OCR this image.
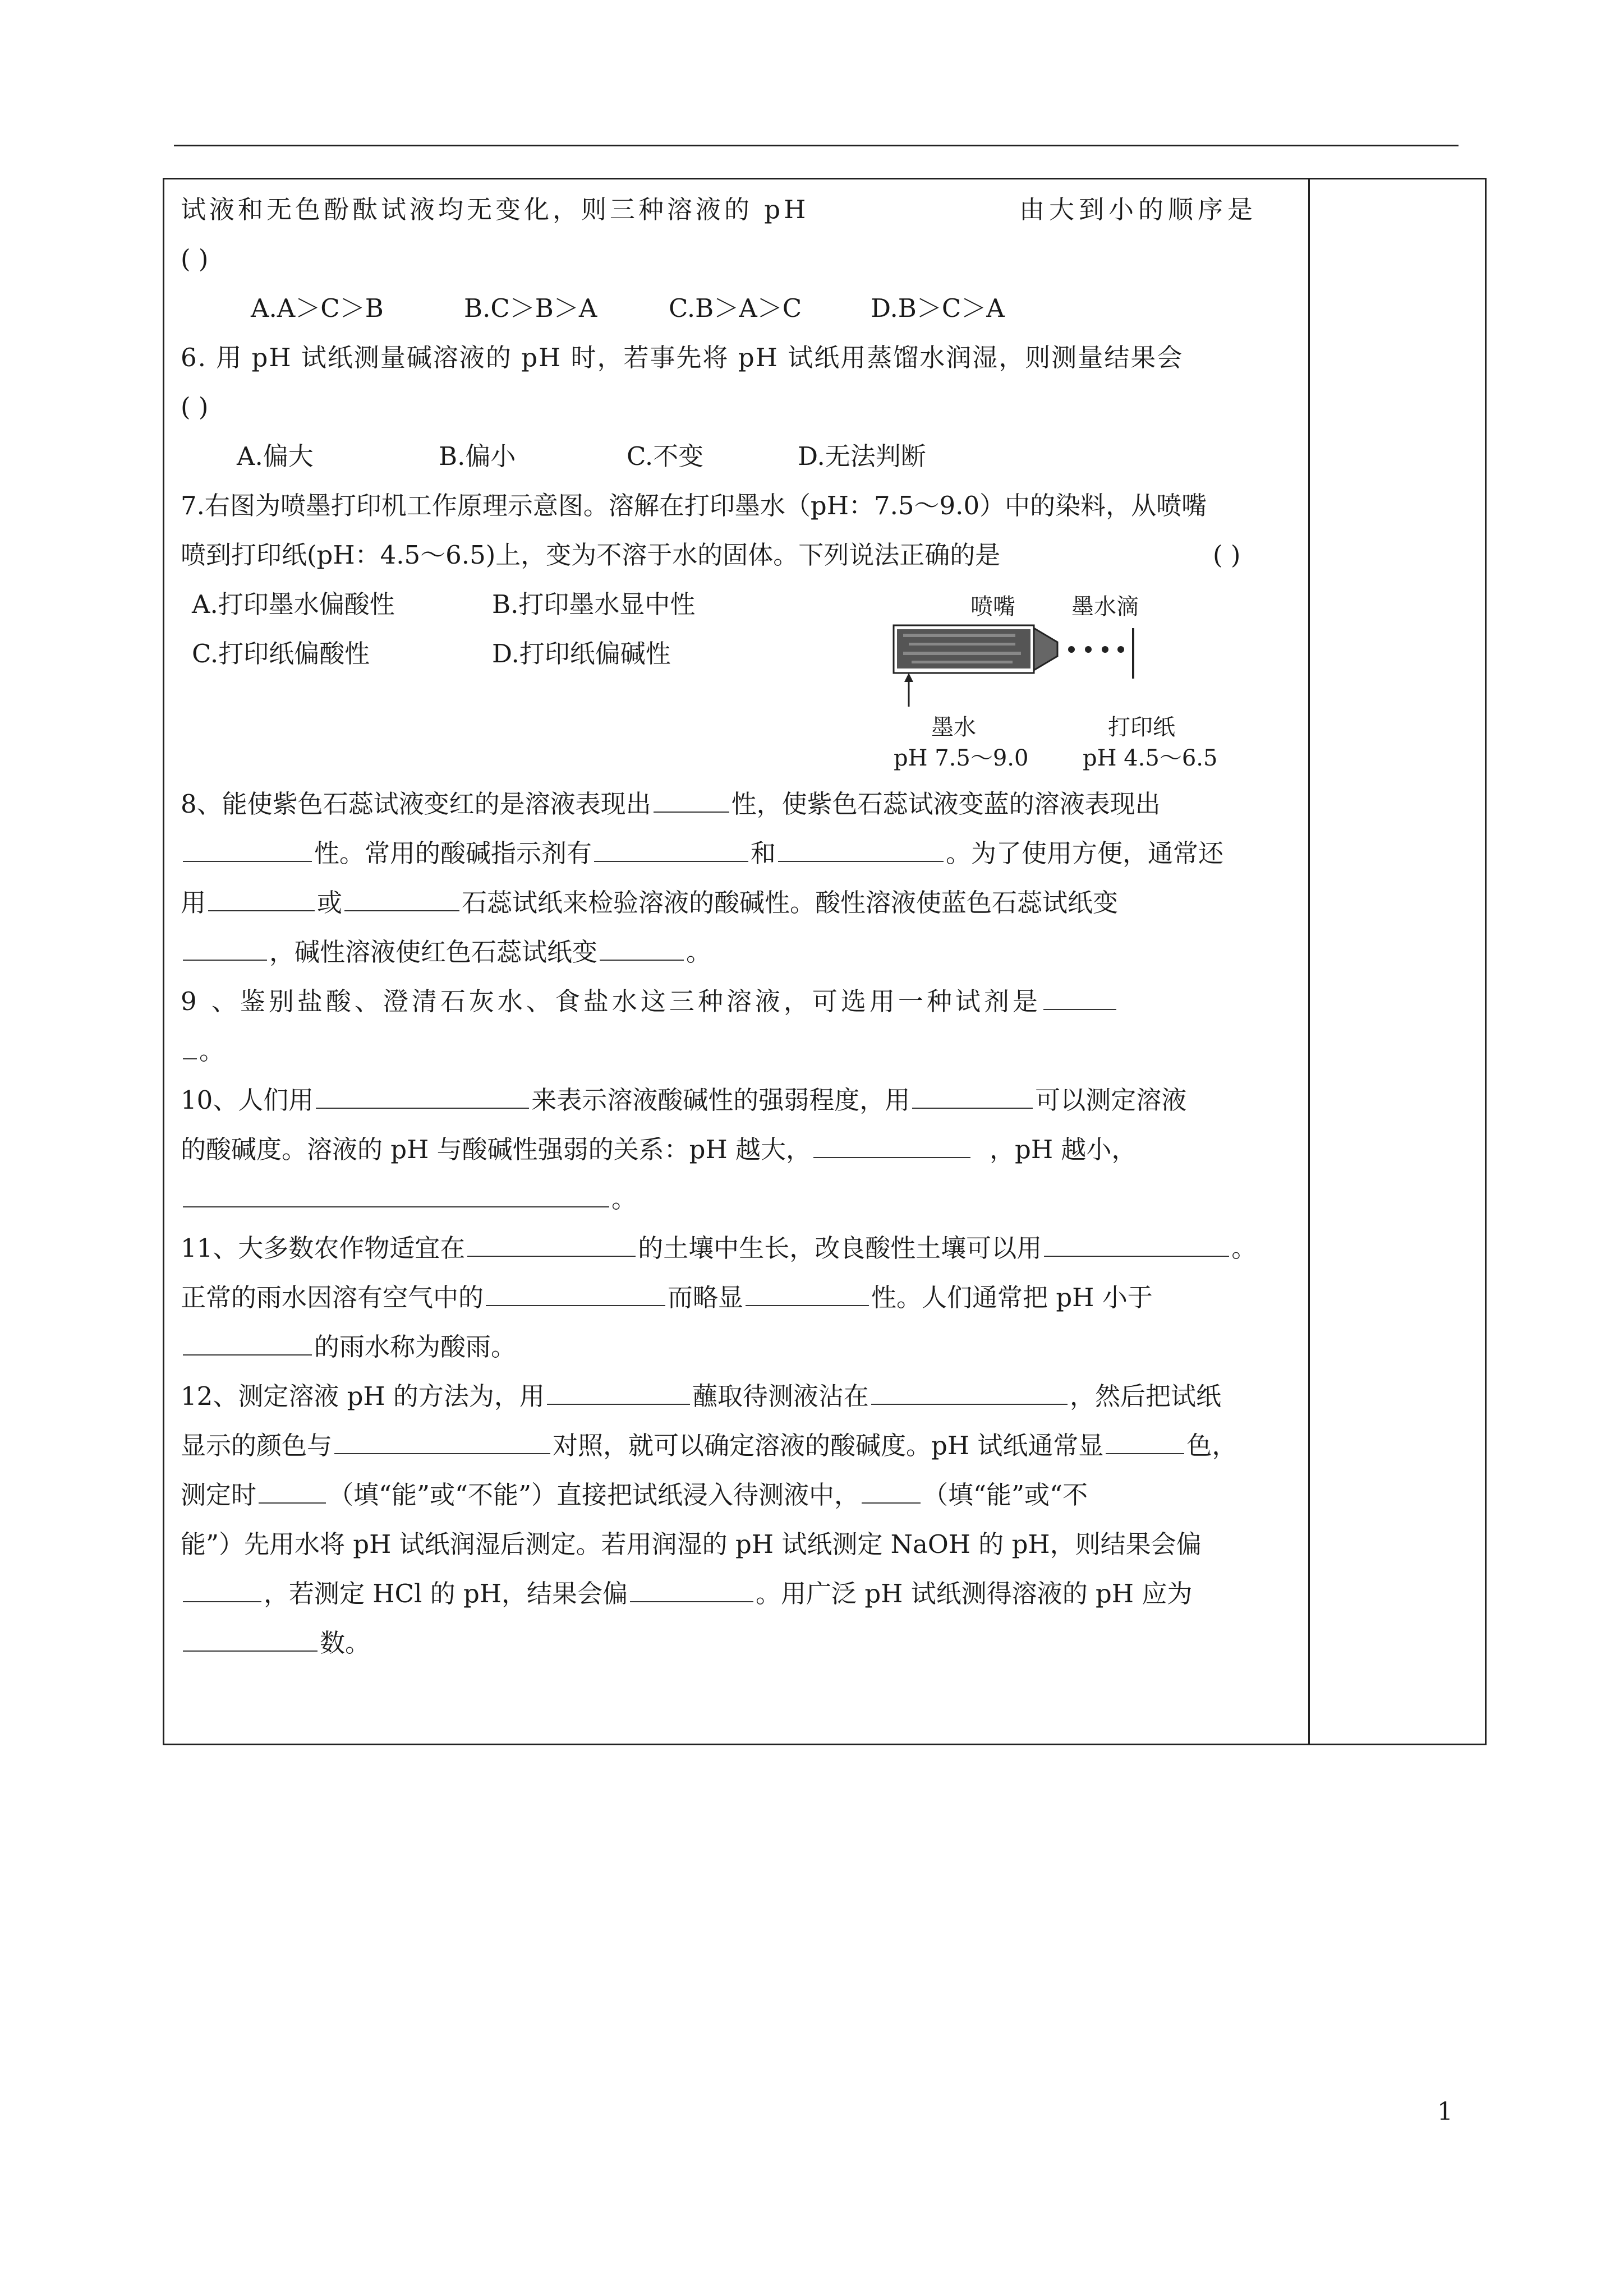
试液和无色酚酞试液均无变化，则三种溶液的 pH	由大到小的顺序是
( )
A.A＞C＞B	B.C＞B＞A	C.B＞A＞C	D.B＞C＞A
6. 用 pH 试纸测量碱溶液的 pH 时，若事先将 pH 试纸用蒸馏水润湿，则测量结果会
( )
A.偏大	B.偏小	C.不变	D.无法判断
7.右图为喷墨打印机工作原理示意图。溶解在打印墨水（pH：7.5～9.0）中的染料，从喷嘴
喷到打印纸(pH：4.5～6.5)上，变为不溶于水的固体。下列说法正确的是	( )
A.打印墨水偏酸性	B.打印墨水显中性
C.打印纸偏酸性	D.打印纸偏碱性
8、能使紫色石蕊试液变红的是溶液表现出	性，使紫色石蕊试液变蓝的溶液表现出
性。常用的酸碱指示剂有	和	。为了使用方便，通常还
用	或	石蕊试纸来检验溶液的酸碱性。酸性溶液使蓝色石蕊试纸变
，碱性溶液使红色石蕊试纸变	。
9 、鉴别盐酸、澄清石灰水、食盐水这三种溶液，可选用一种试剂是
。
10、人们用	来表示溶液酸碱性的强弱程度，用	可以测定溶液
的酸碱度。溶液的 pH 与酸碱性强弱的关系：pH 越大，	，pH 越小，
。
11、大多数农作物适宜在	的土壤中生长，改良酸性土壤可以用	。
正常的雨水因溶有空气中的	而略显	性。人们通常把 pH 小于
的雨水称为酸雨。
12、测定溶液 pH 的方法为，用	蘸取待测液沾在	，然后把试纸
显示的颜色与	对照，就可以确定溶液的酸碱度。pH 试纸通常显	色，
测定时	（填“能”或“不能”）直接把试纸浸入待测液中，	（填“能”或“不
能”）先用水将 pH 试纸润湿后测定。若用润湿的 pH 试纸测定 NaOH 的 pH，则结果会偏
，若测定 HCl 的 pH，结果会偏	。用广泛 pH 试纸测得溶液的 pH 应为
数。
喷嘴	墨水滴
墨水	打印纸
pH 7.5～9.0 pH 4.5～6.5
1
